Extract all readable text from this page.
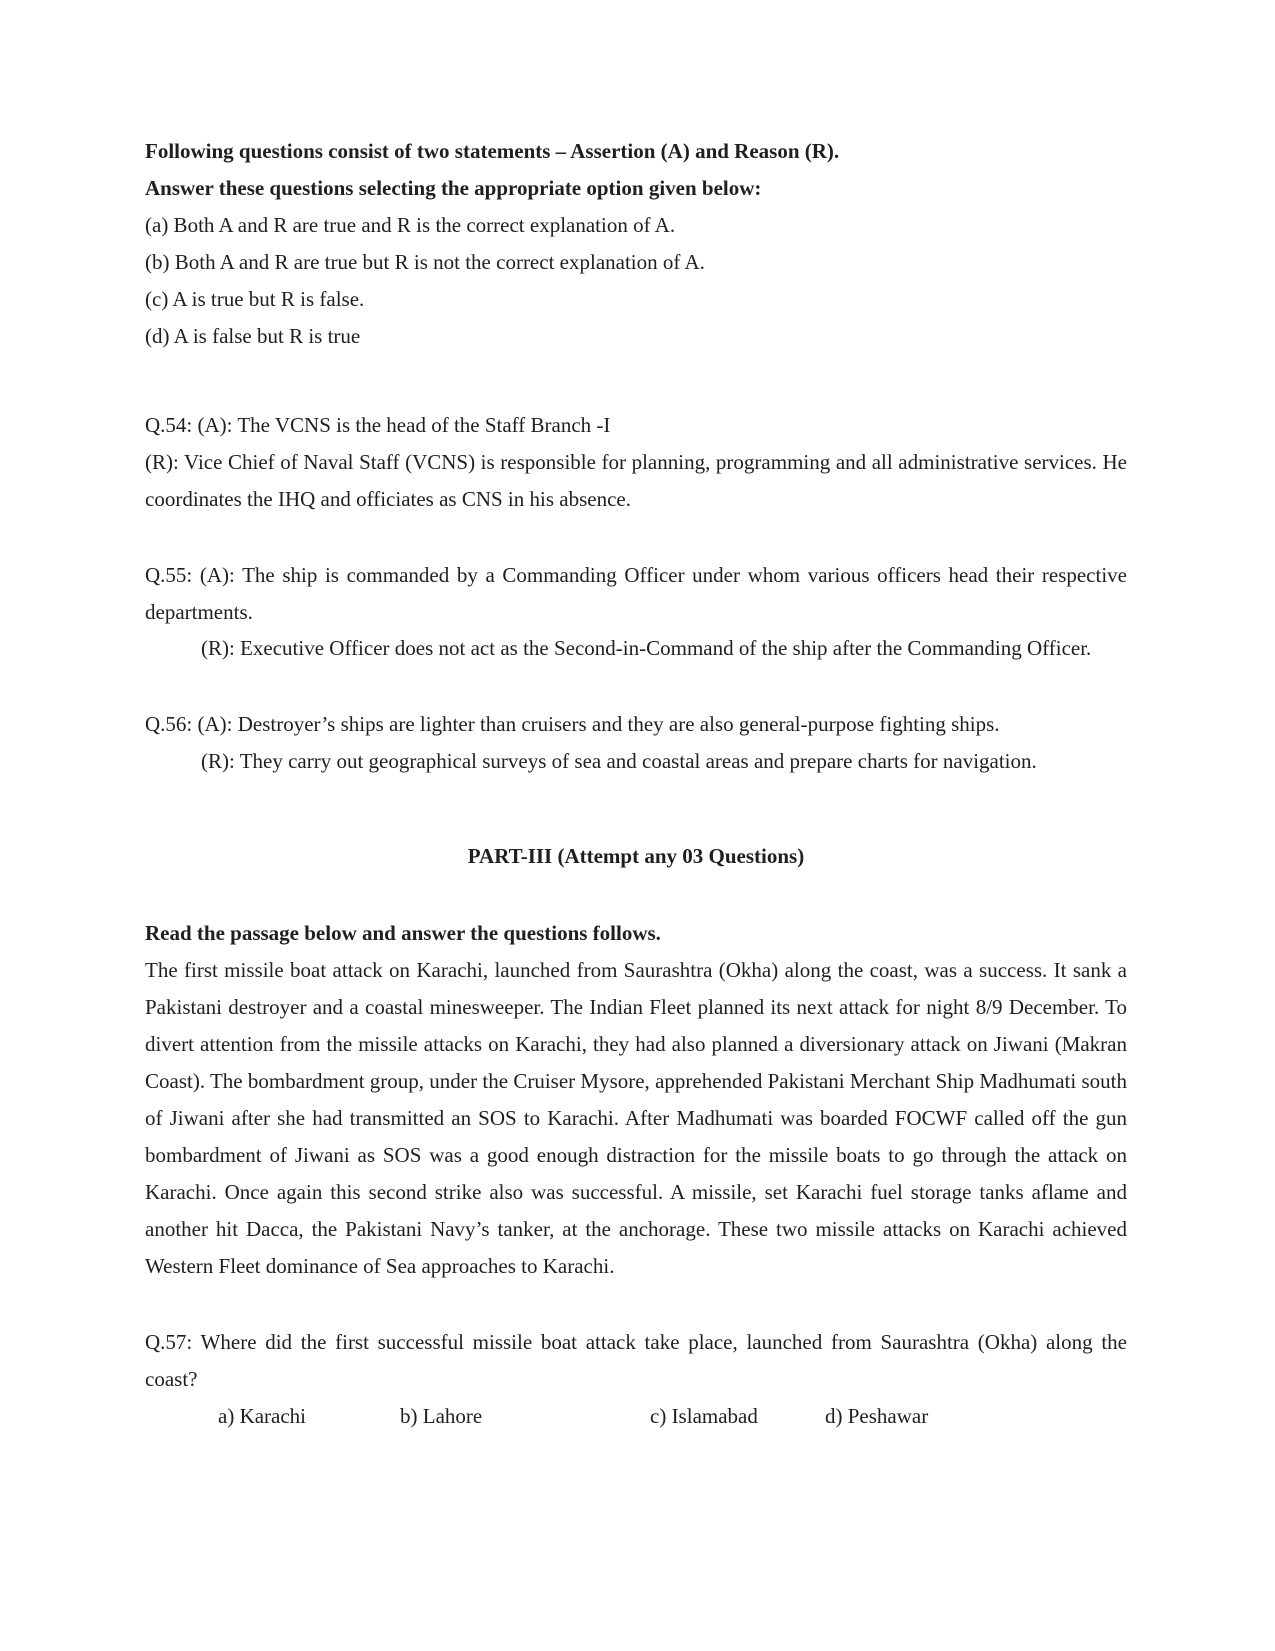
Following questions consist of two statements – Assertion (A) and Reason (R).

Answer these questions selecting the appropriate option given below:

(a) Both A and R are true and R is the correct explanation of A.

(b) Both A and R are true but R is not the correct explanation of A.

(c) A is true but R is false.

(d) A is false but R is true

Q.54: (A): The VCNS is the head of the Staff Branch -I

(R): Vice Chief of Naval Staff (VCNS) is responsible for planning, programming and all administrative services. He coordinates the IHQ and officiates as CNS in his absence.

Q.55: (A): The ship is commanded by a Commanding Officer under whom various officers head their respective departments.

(R): Executive Officer does not act as the Second-in-Command of the ship after the Commanding Officer.

Q.56: (A): Destroyer’s ships are lighter than cruisers and they are also general-purpose fighting ships.

(R): They carry out geographical surveys of sea and coastal areas and prepare charts for navigation.

PART-III (Attempt any 03 Questions)

Read the passage below and answer the questions follows.

The first missile boat attack on Karachi, launched from Saurashtra (Okha) along the coast, was a success. It sank a Pakistani destroyer and a coastal minesweeper. The Indian Fleet planned its next attack for night 8/9 December. To divert attention from the missile attacks on Karachi, they had also planned a diversionary attack on Jiwani (Makran Coast). The bombardment group, under the Cruiser Mysore, apprehended Pakistani Merchant Ship Madhumati south of Jiwani after she had transmitted an SOS to Karachi. After Madhumati was boarded FOCWF called off the gun bombardment of Jiwani as SOS was a good enough distraction for the missile boats to go through the attack on Karachi. Once again this second strike also was successful. A missile, set Karachi fuel storage tanks aflame and another hit Dacca, the Pakistani Navy’s tanker, at the anchorage. These two missile attacks on Karachi achieved Western Fleet dominance of Sea approaches to Karachi.

Q.57: Where did the first successful missile boat attack take place, launched from Saurashtra (Okha) along the coast?

a) Karachi	b) Lahore	c) Islamabad	d) Peshawar
